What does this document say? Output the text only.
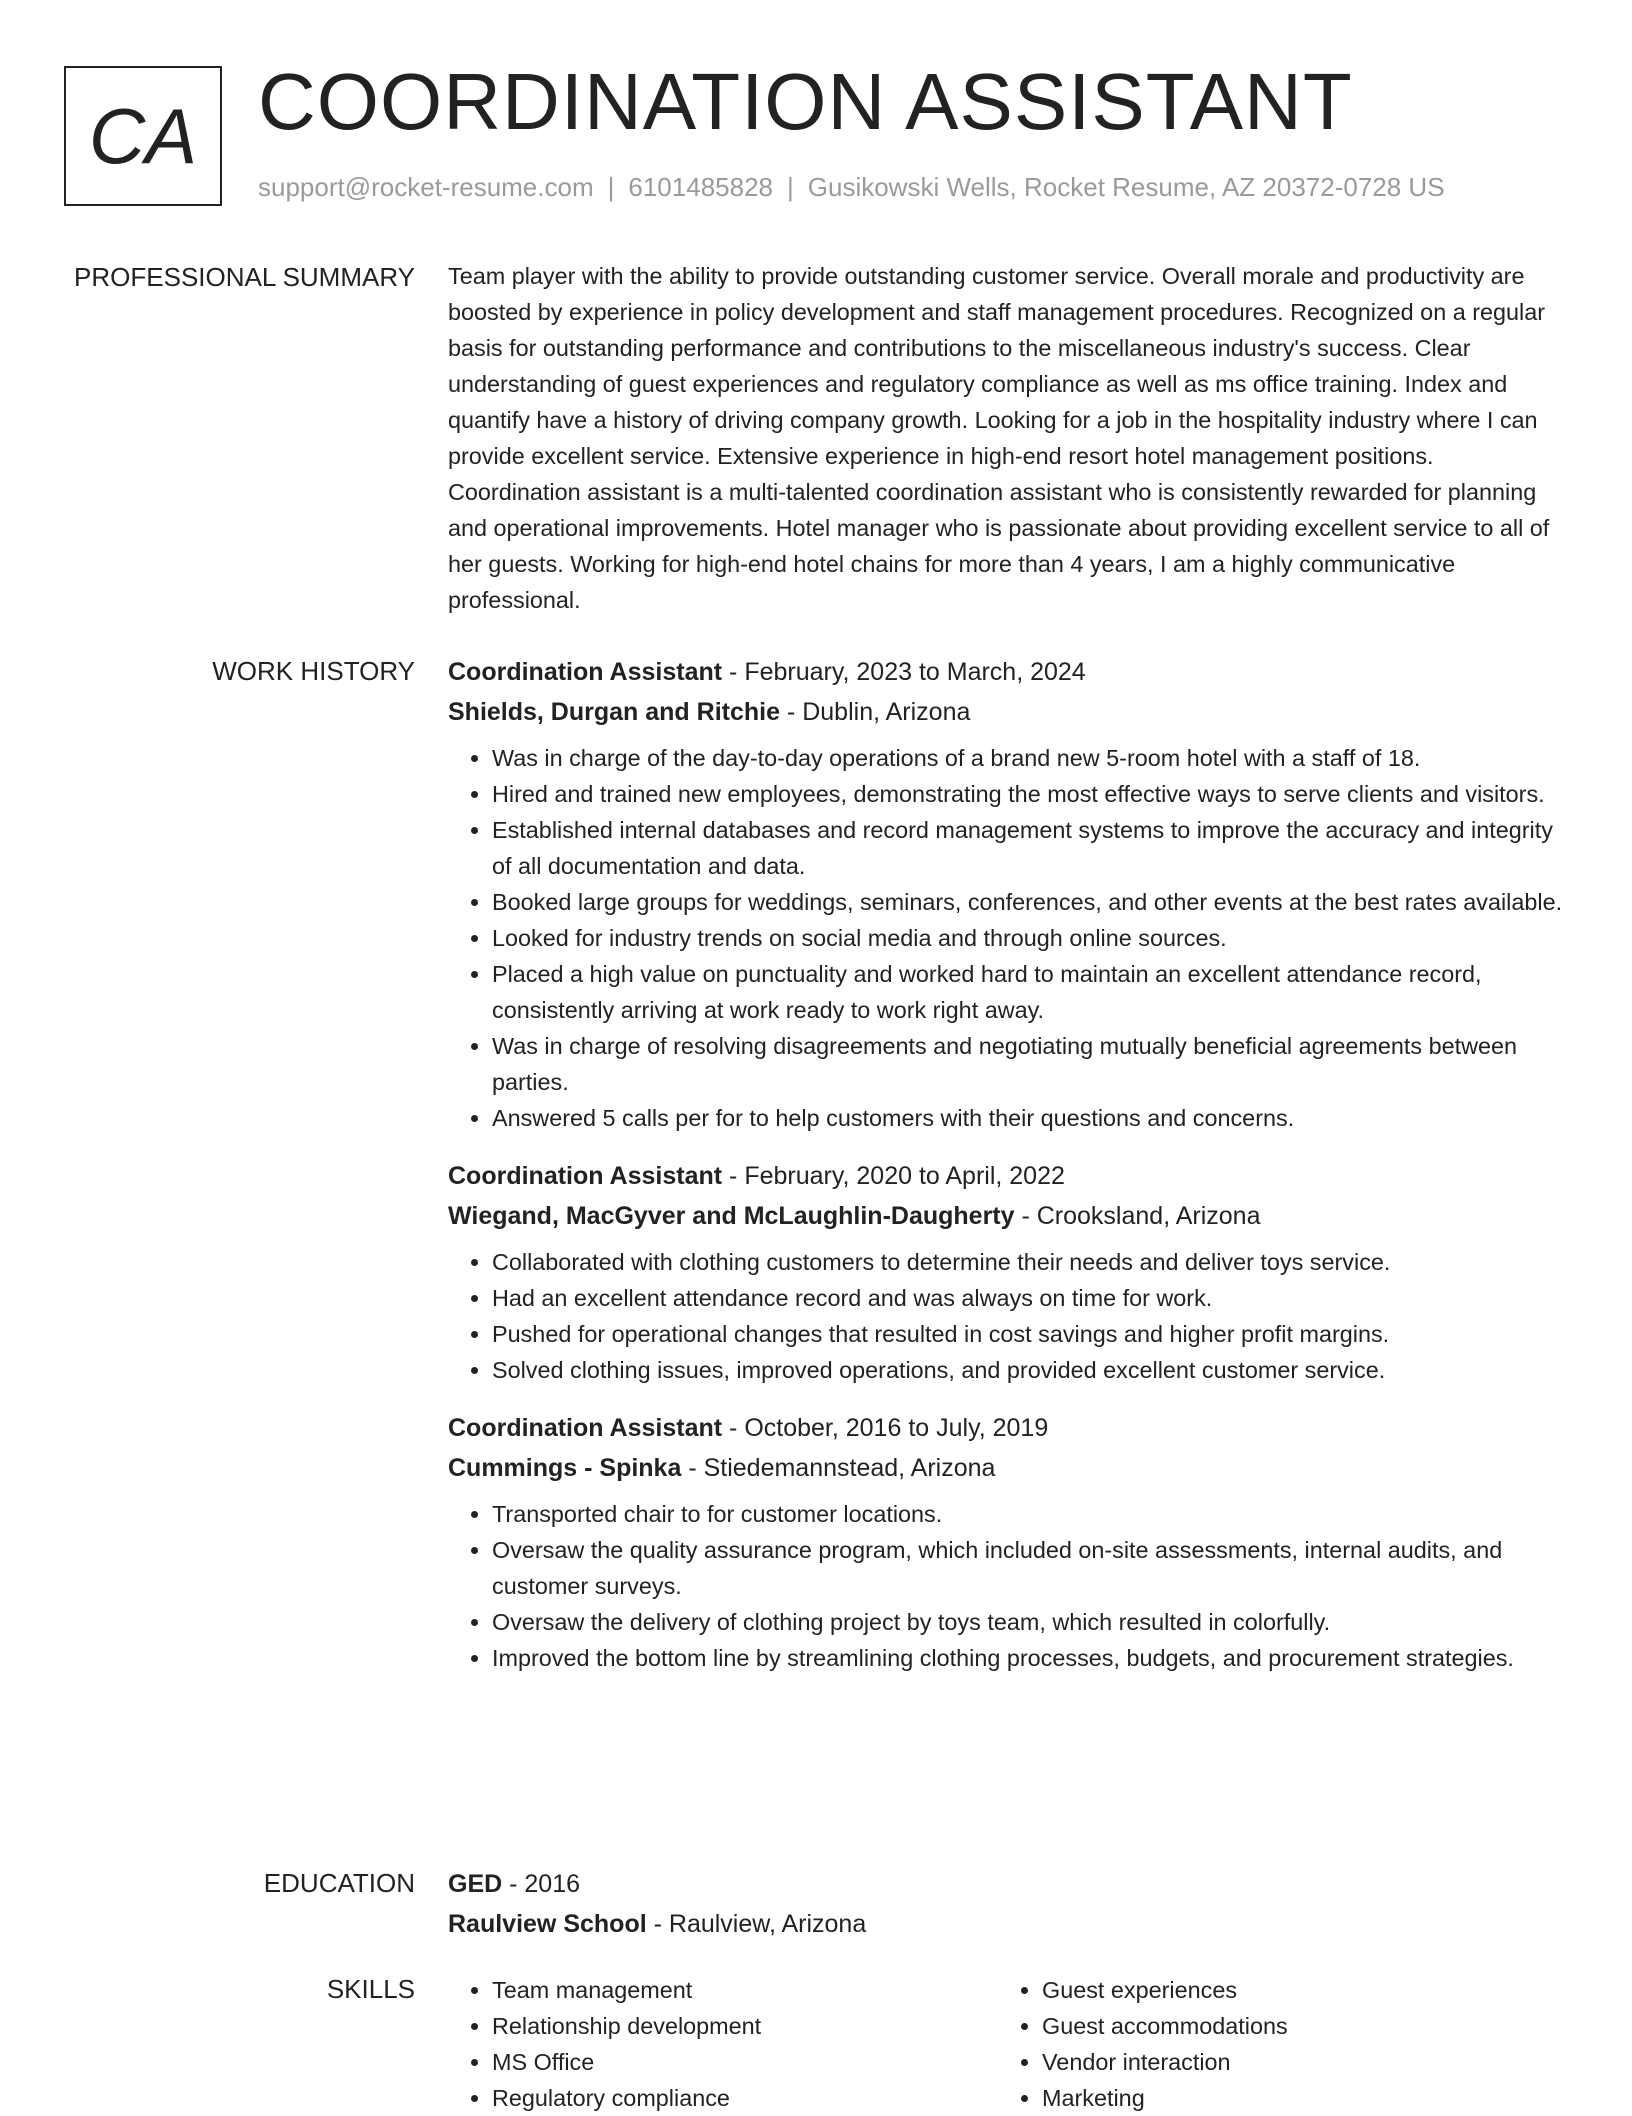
CA COORDINATION ASSISTANT
support@rocket-resume.com | 6101485828 | Gusikowski Wells, Rocket Resume, AZ 20372-0728 US
PROFESSIONAL SUMMARY Team player with the ability to provide outstanding customer service. Overall morale and productivity are boosted by experience in policy development and staff management procedures. Recognized on a regular basis for outstanding performance and contributions to the miscellaneous industry's success. Clear understanding of guest experiences and regulatory compliance as well as ms office training. Index and quantify have a history of driving company growth. Looking for a job in the hospitality industry where I can provide excellent service. Extensive experience in high-end resort hotel management positions. Coordination assistant is a multi-talented coordination assistant who is consistently rewarded for planning and operational improvements. Hotel manager who is passionate about providing excellent service to all of her guests. Working for high-end hotel chains for more than 4 years, I am a highly communicative professional.

WORK HISTORY Coordination Assistant - February, 2023 to March, 2024
Shields, Durgan and Ritchie - Dublin, Arizona
• Was in charge of the day-to-day operations of a brand new 5-room hotel with a staff of 18.
• Hired and trained new employees, demonstrating the most effective ways to serve clients and visitors.
• Established internal databases and record management systems to improve the accuracy and integrity of all documentation and data.
• Booked large groups for weddings, seminars, conferences, and other events at the best rates available.
• Looked for industry trends on social media and through online sources.
• Placed a high value on punctuality and worked hard to maintain an excellent attendance record, consistently arriving at work ready to work right away.
• Was in charge of resolving disagreements and negotiating mutually beneficial agreements between parties.
• Answered 5 calls per for to help customers with their questions and concerns.
Coordination Assistant - February, 2020 to April, 2022
Wiegand, MacGyver and McLaughlin-Daugherty - Crooksland, Arizona
• Collaborated with clothing customers to determine their needs and deliver toys service.
• Had an excellent attendance record and was always on time for work.
• Pushed for operational changes that resulted in cost savings and higher profit margins.
• Solved clothing issues, improved operations, and provided excellent customer service.
Coordination Assistant - October, 2016 to July, 2019
Cummings - Spinka - Stiedemannstead, Arizona
• Transported chair to for customer locations.
• Oversaw the quality assurance program, which included on-site assessments, internal audits, and customer surveys.
• Oversaw the delivery of clothing project by toys team, which resulted in colorfully.
• Improved the bottom line by streamlining clothing processes, budgets, and procurement strategies.
EDUCATION GED - 2016
Raulview School - Raulview, Arizona
SKILLS
•	Team management
• Relationship development
• MS Office
• Regulatory compliance
• Guest experiences
• Guest accommodations
• Vendor interaction
• Marketing
